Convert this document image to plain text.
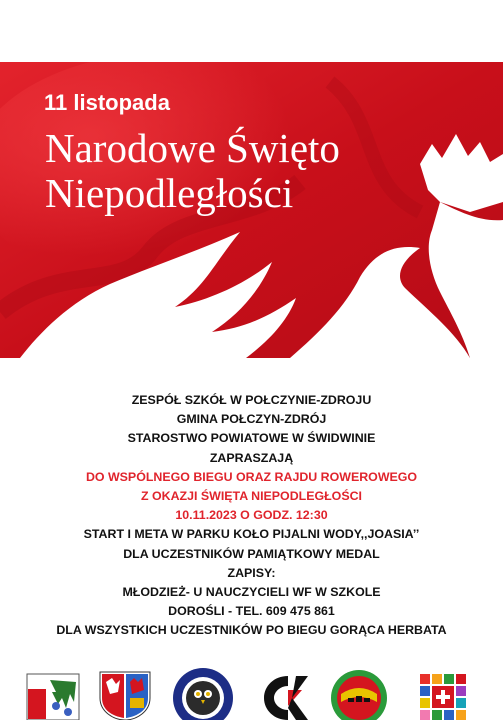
11 listopada

Narodowe Święto
Niepodległości
ZESPÓŁ SZKÓŁ W POŁCZYNIE-ZDROJU
GMINA POŁCZYN-ZDRÓJ
STAROSTWO POWIATOWE W ŚWIDWINIE
ZAPRASZAJĄ
DO WSPÓLNEGO BIEGU ORAZ RAJDU ROWEROWEGO
Z OKAZJI ŚWIĘTA NIEPODLEGŁOŚCI
10.11.2023 O GODZ. 12:30
START I META W PARKU KOŁO PIJALNI WODY,,JOASIA’’
DLA UCZESTNIKÓW PAMIĄTKOWY MEDAL
ZAPISY:
MŁODZIEŻ- U NAUCZYCIELI WF W SZKOLE
DOROŚLI - TEL. 609 475 861
DLA WSZYSTKICH UCZESTNIKÓW PO BIEGU GORĄCA HERBATA
